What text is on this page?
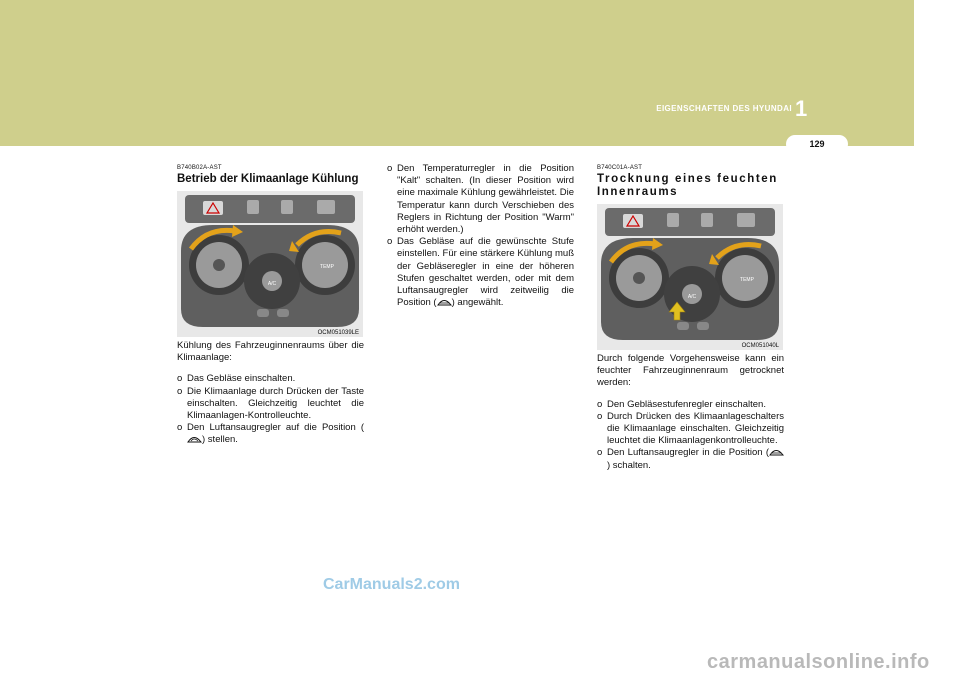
EIGENSCHAFTEN DES HYUNDAI 1
129
B740B02A-AST
Betrieb der Klimaanlage Kühlung
A/C
TEMP
OCM051039LE
Kühlung des Fahrzeuginnenraums über die Klimaanlage:
o Das Gebläse einschalten.
o Die Klimaanlage durch Drücken der Taste einschalten. Gleichzeitig leuchtet die Klimaanlagen-Kontrolleuchte.
o Den Luftansaugregler auf die Position () stellen.
o Den Temperaturregler in die Position "Kalt" schalten. (In dieser Position wird eine maximale Kühlung gewährleistet. Die Temperatur kann durch Verschieben des Reglers in Richtung der Position "Warm" erhöht werden.)
o Das Gebläse auf die gewünschte Stufe einstellen. Für eine stärkere Kühlung muß der Gebläseregler in eine der höheren Stufen geschaltet werden, oder mit dem Luftansaugregler wird zeitweilig die Position ( ) angewählt.
B740C01A-AST
Trocknung eines feuchten Innenraums
A/C
TEMP
OCM051040L
Durch folgende Vorgehensweise kann ein feuchter Fahrzeuginnenraum getrocknet werden:
o Den Gebläsestufenregler einschalten.
o Durch Drücken des Klimaanlageschalters die Klimaanlage einschalten. Gleichzeitig leuchtet die Klimaanlagenkontrolleuchte.
o Den Luftansaugregler in die Position () schalten.
CarManuals2.com
carmanualsonline.info
